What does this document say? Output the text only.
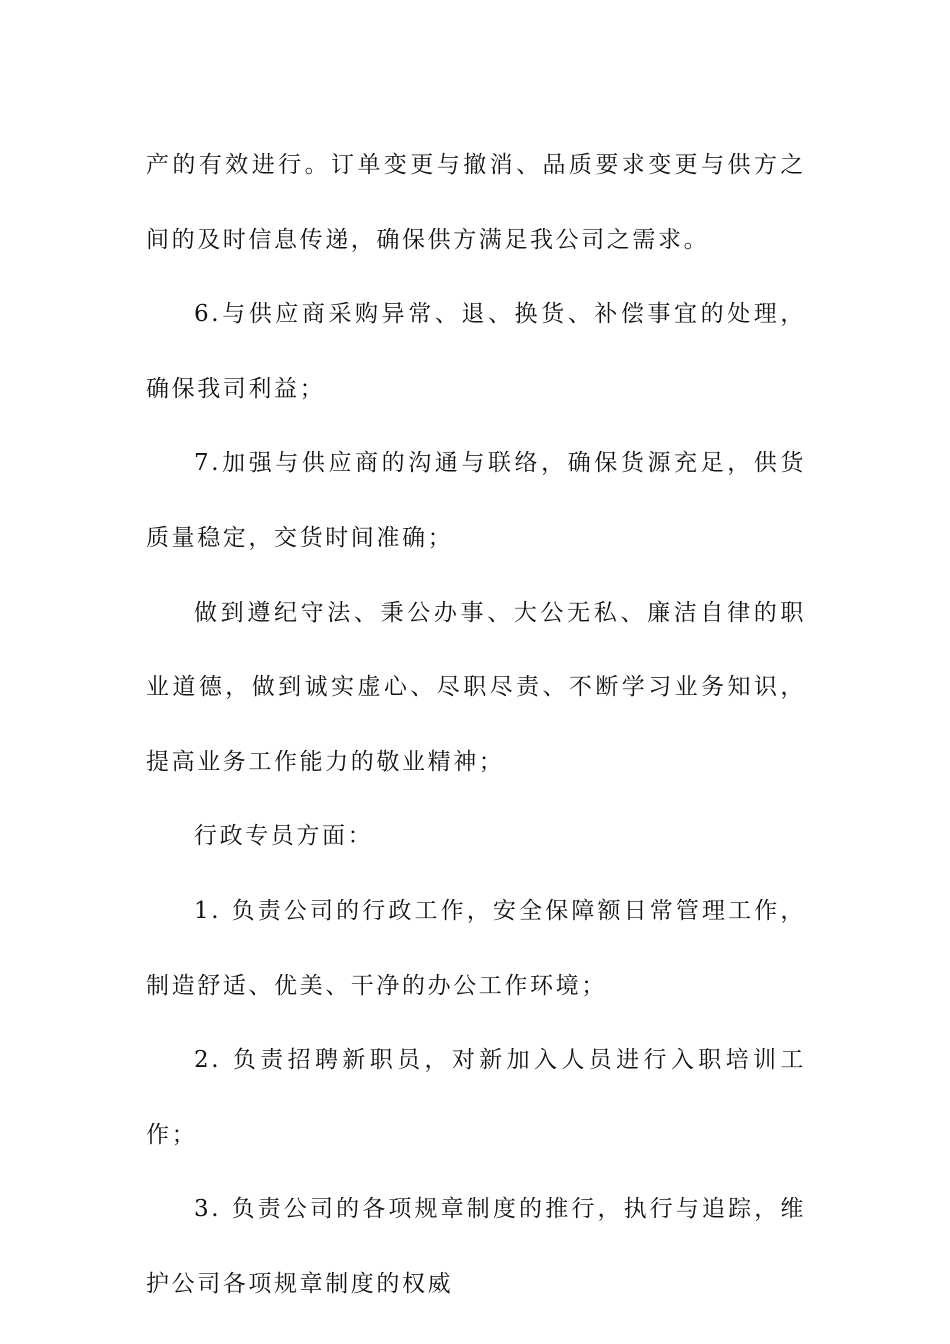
产的有效进行。订单变更与撤消、品质要求变更与供方之间的及时信息传递，确保供方满足我公司之需求。

6.与供应商采购异常、退、换货、补偿事宜的处理，确保我司利益；

7.加强与供应商的沟通与联络，确保货源充足，供货质量稳定，交货时间准确；

做到遵纪守法、秉公办事、大公无私、廉洁自律的职业道德，做到诚实虚心、尽职尽责、不断学习业务知识，提高业务工作能力的敬业精神；

行政专员方面：

1. 负责公司的行政工作，安全保障额日常管理工作，制造舒适、优美、干净的办公工作环境；

2. 负责招聘新职员，对新加入人员进行入职培训工作；

3. 负责公司的各项规章制度的推行，执行与追踪，维护公司各项规章制度的权威
